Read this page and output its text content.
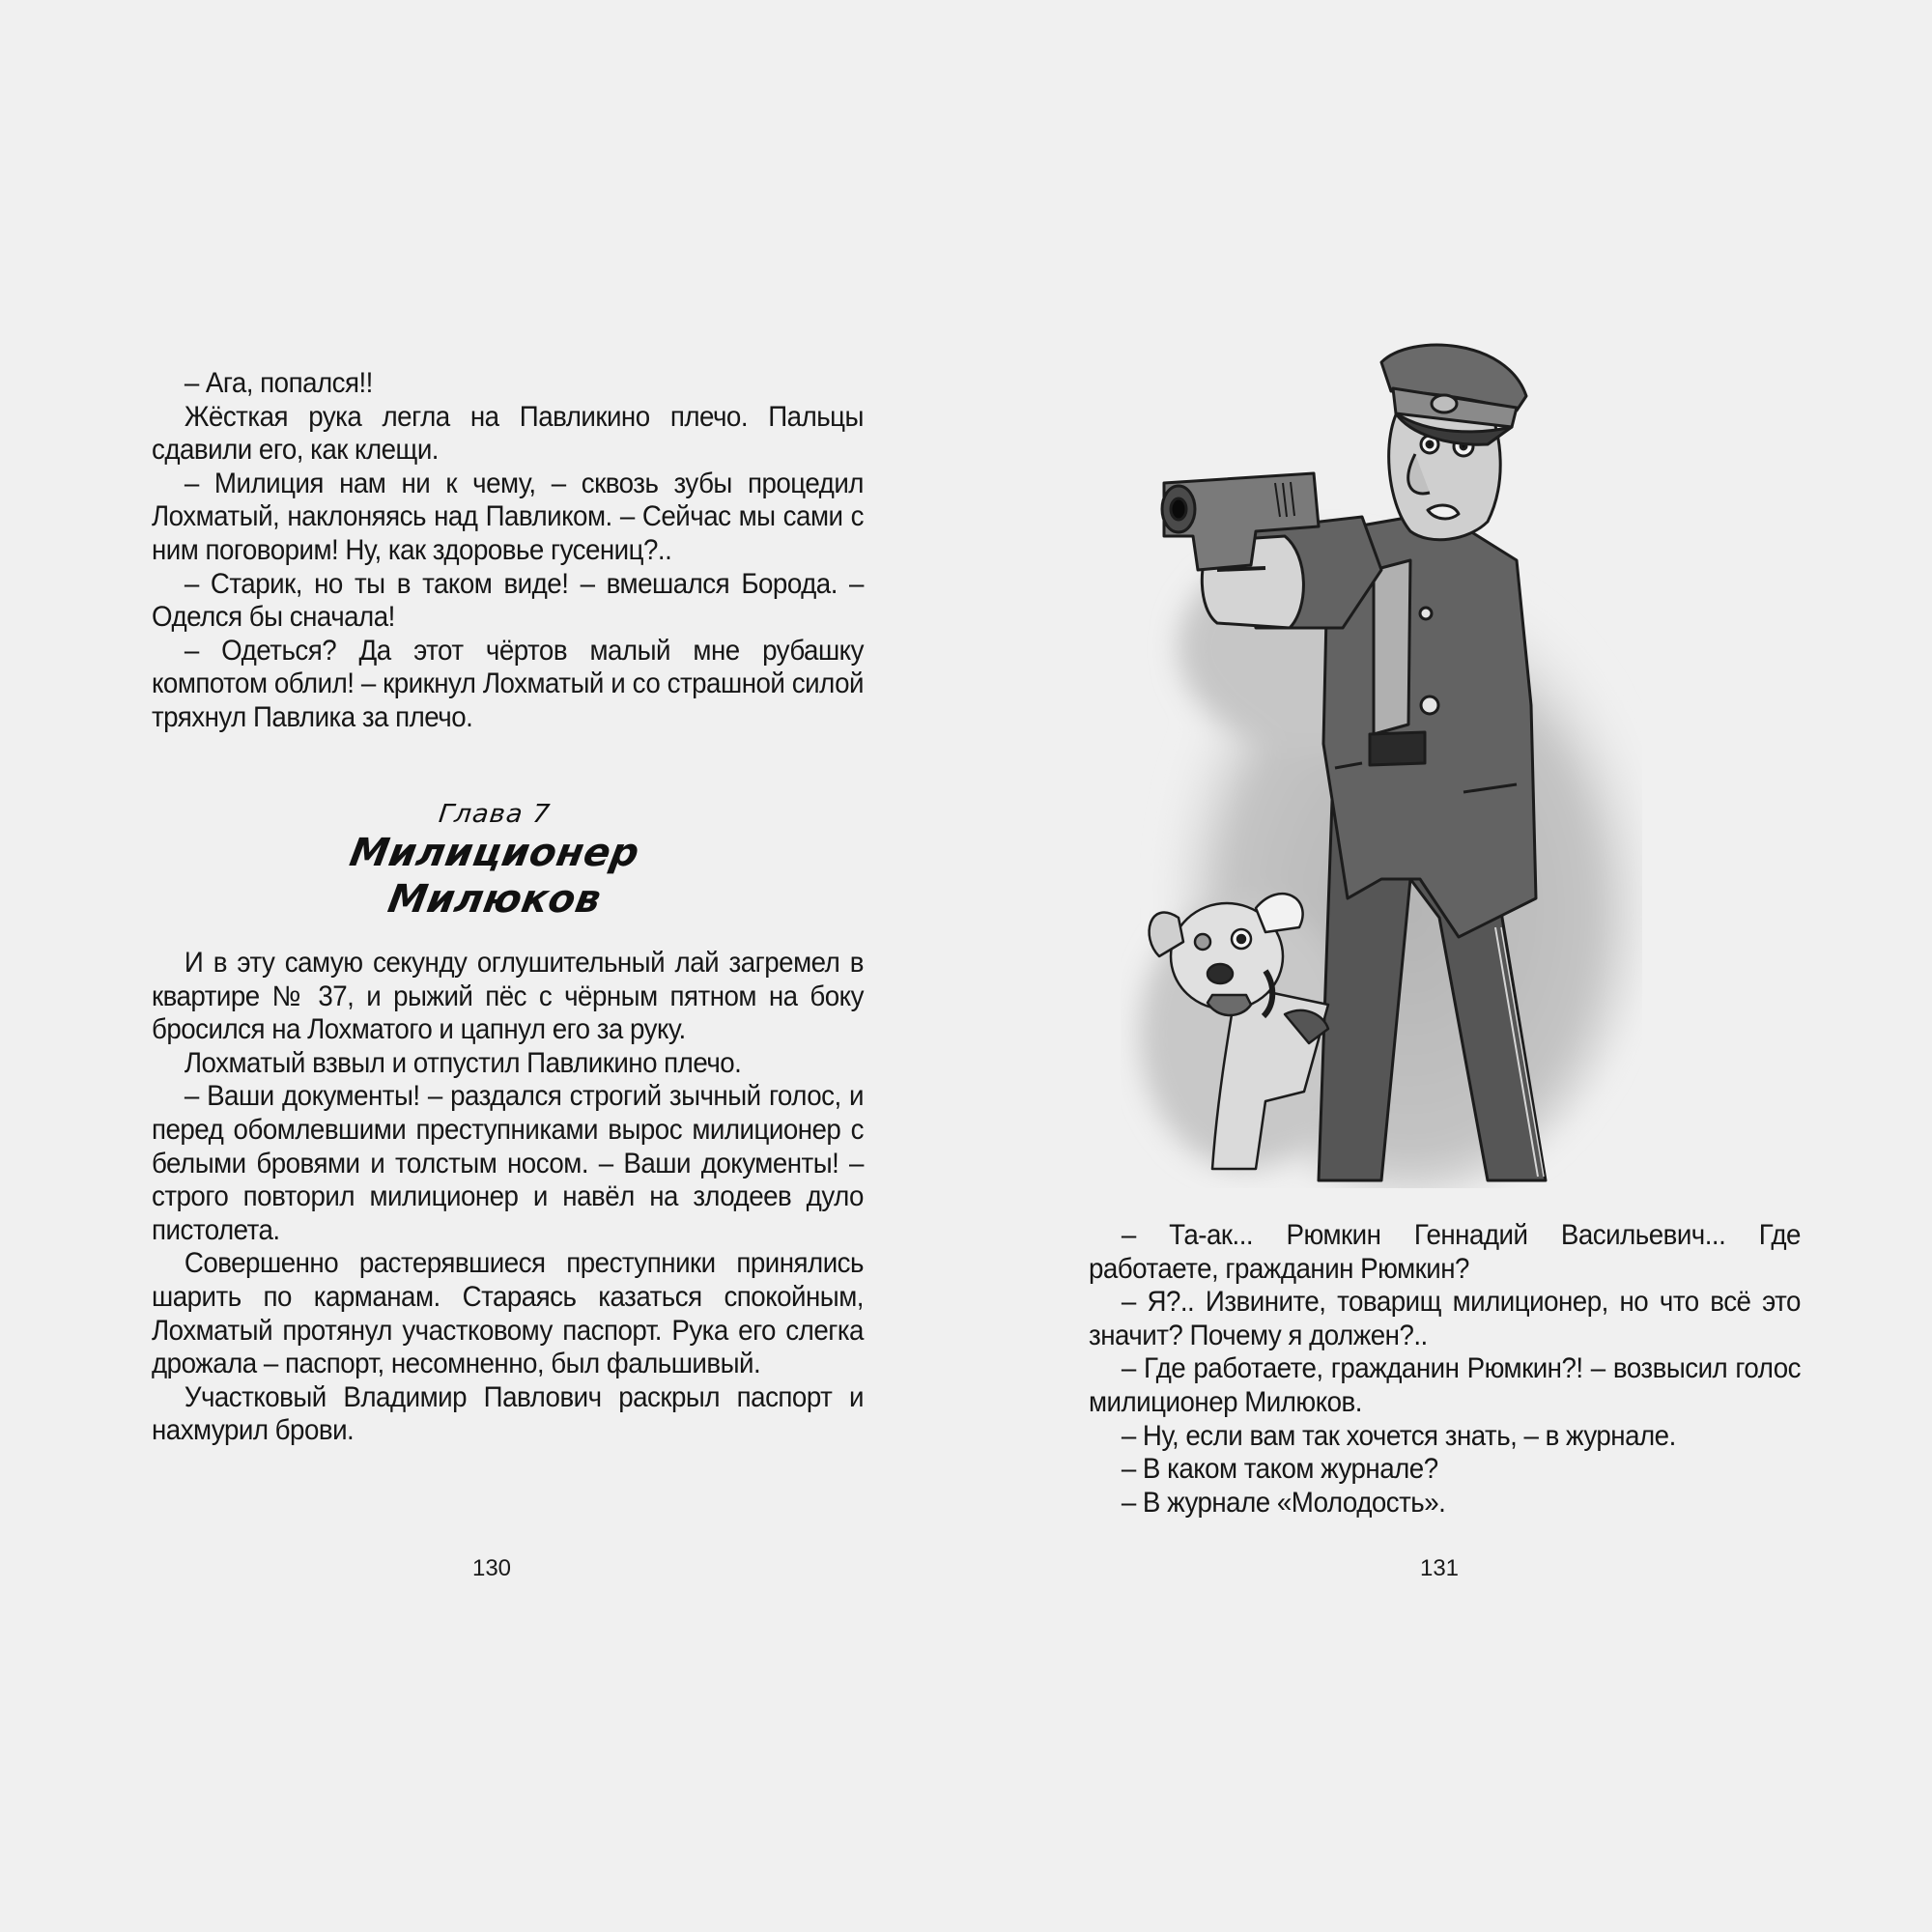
– Ага, попался!!

Жёсткая рука легла на Павликино плечо. Пальцы сдавили его, как клещи.

– Милиция нам ни к чему, – сквозь зубы процедил Лохматый, наклоняясь над Павликом. – Сейчас мы сами с ним поговорим! Ну, как здоровье гусениц?..

– Старик, но ты в таком виде! – вмешался Борода. – Оделся бы сначала!

– Одеться? Да этот чёртов малый мне рубашку компотом облил! – крикнул Лохматый и со страшной силой тряхнул Павлика за плечо.

Глава 7
Милиционер
Милюков

И в эту самую секунду оглушительный лай загремел в квартире № 37, и рыжий пёс с чёрным пятном на боку бросился на Лохматого и цапнул его за руку.

Лохматый взвыл и отпустил Павликино плечо.

– Ваши документы! – раздался строгий зычный голос, и перед обомлевшими преступниками вырос милиционер с белыми бровями и толстым носом. – Ваши документы! – строго повторил милиционер и навёл на злодеев дуло пистолета.

Совершенно растерявшиеся преступники принялись шарить по карманам. Стараясь казаться спокойным, Лохматый протянул участковому паспорт. Рука его слегка дрожала – паспорт, несомненно, был фальшивый.

Участковый Владимир Павлович раскрыл паспорт и нахмурил брови.

130

– Та-ак... Рюмкин Геннадий Васильевич... Где работаете, гражданин Рюмкин?

– Я?.. Извините, товарищ милиционер, но что всё это значит? Почему я должен?..

– Где работаете, гражданин Рюмкин?! – возвысил голос милиционер Милюков.

– Ну, если вам так хочется знать, – в журнале.

– В каком таком журнале?

– В журнале «Молодость».

131
